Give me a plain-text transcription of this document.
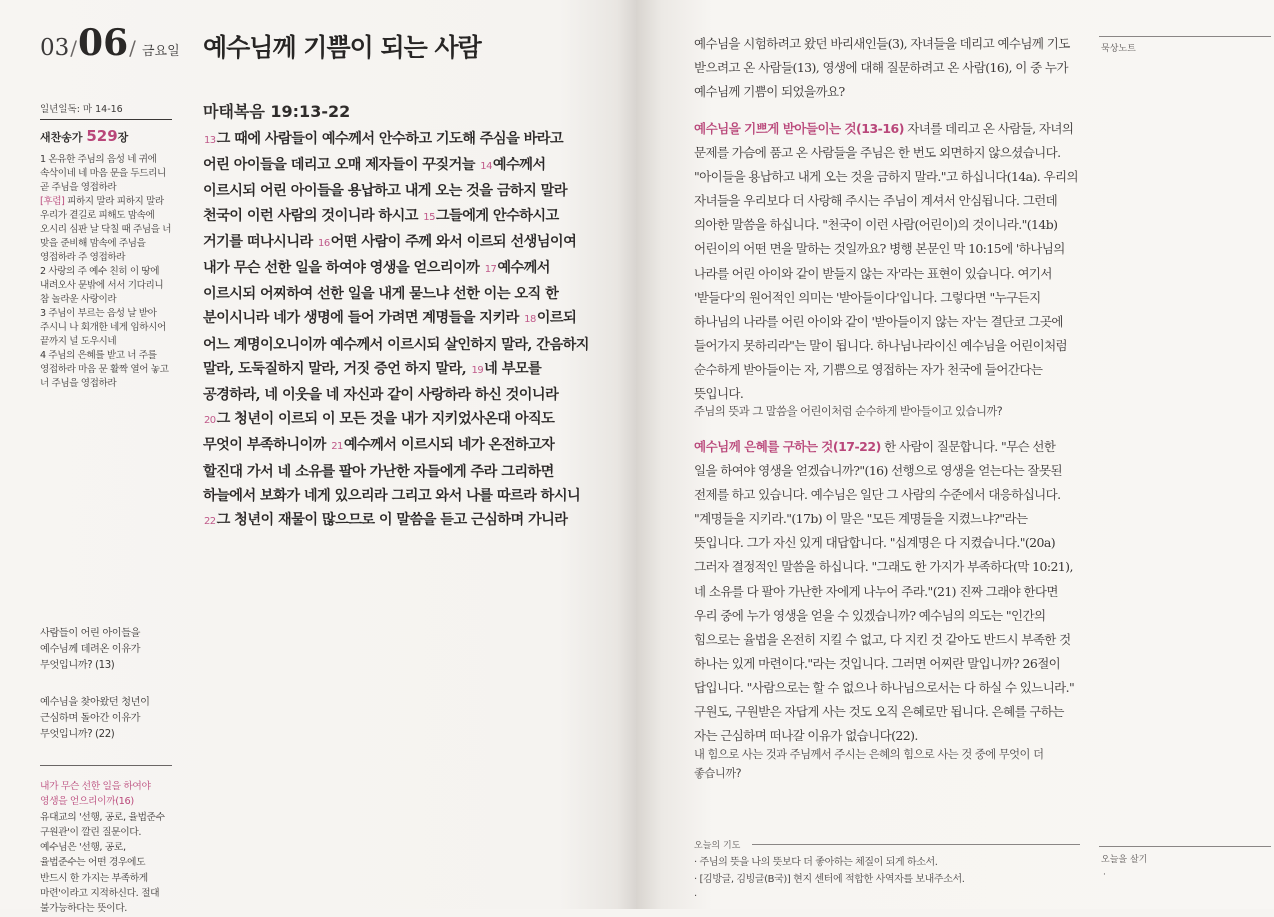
03/06/ 금요일 예수님께 기쁨이 되는 사람
마태복음 19:13-22
13그 때에 사람들이 예수께서 안수하고 기도해 주심을 바라고 어린 아이들을 데리고 오매 제자들이 꾸짖거늘 14예수께서 이르시되 어린 아이들을 용납하고 내게 오는 것을 금하지 말라 천국이 이런 사람의 것이니라 하시고 15그들에게 안수하시고 거기를 떠나시니라 16어떤 사람이 주께 와서 이르되 선생님이여 내가 무슨 선한 일을 하여야 영생을 얻으리이까 17예수께서 이르시되 어찌하여 선한 일을 내게 묻느냐 선한 이는 오직 한 분이시니라 네가 생명에 들어 가려면 계명들을 지키라 18이르되 어느 계명이오니이까 예수께서 이르시되 살인하지 말라, 간음하지 말라, 도둑질하지 말라, 거짓 증언 하지 말라, 19네 부모를 공경하라, 네 이웃을 네 자신과 같이 사랑하라 하신 것이니라 20그 청년이 이르되 이 모든 것을 내가 지키었사온대 아직도 무엇이 부족하니이까 21예수께서 이르시되 네가 온전하고자 할진대 가서 네 소유를 팔아 가난한 자들에게 주라 그리하면 하늘에서 보화가 네게 있으리라 그리고 와서 나를 따르라 하시니 22그 청년이 재물이 많으므로 이 말씀을 듣고 근심하며 가니라
일년일독: 마 14-16
새찬송가 529장
1 온유한 주님의 음성 네 귀에 속삭이네 네 마음 문을 두드리니 곧 주님을 영접하라
[후렴] 피하지 말라 피하지 말라 우리가 곁길로 피해도 맘속에 오시리 심판 날 닥칠 때 주님을 너 맞을 준비해 맘속에 주님을 영접하라 주 영접하라
2 사랑의 주 예수 친히 이 땅에 내려오사 문밖에 서서 기다리니 참 놀라운 사랑이라
3 주님이 부르는 음성 날 받아 주시니 나 회개한 네게 임하시어 끝까지 널 도우시네
4 주님의 은혜를 받고 너 주를 영접하라 마음 문 활짝 열어 놓고 너 주님을 영접하라
사람들이 어린 아이들을 예수님께 데려온 이유가 무엇입니까? (13)
예수님을 찾아왔던 청년이 근심하며 돌아간 이유가 무엇입니까? (22)
내가 무슨 선한 일을 하여야 영생을 얻으리이까(16) 유대교의 '선행, 공로, 율법준수 구원관'이 깔린 질문이다. 예수님은 '선행, 공로, 율법준수는 어떤 경우에도 반드시 한 가지는 부족하게 마련'이라고 지적하신다. 절대 불가능하다는 뜻이다.
예수님을 시험하려고 왔던 바리새인들(3), 자녀들을 데리고 예수님께 기도 받으려고 온 사람들(13), 영생에 대해 질문하려고 온 사람(16), 이 중 누가 예수님께 기쁨이 되었을까요?
예수님을 기쁘게 받아들이는 것(13-16) 자녀를 데리고 온 사람들, 자녀의 문제를 가슴에 품고 온 사람들을 주님은 한 번도 외면하지 않으셨습니다. "아이들을 용납하고 내게 오는 것을 금하지 말라."고 하십니다(14a). 우리의 자녀들을 우리보다 더 사랑해 주시는 주님이 계셔서 안심됩니다. 그런데 의아한 말씀을 하십니다. "천국이 이런 사람(어린이)의 것이니라."(14b) 어린이의 어떤 면을 말하는 것일까요? 병행 본문인 막 10:15에 '하나님의 나라를 어린 아이와 같이 받들지 않는 자'라는 표현이 있습니다. 여기서 '받들다'의 원어적인 의미는 '받아들이다'입니다. 그렇다면 "누구든지 하나님의 나라를 어린 아이와 같이 '받아들이지 않는 자'는 결단코 그곳에 들어가지 못하리라"는 말이 됩니다. 하나님나라이신 예수님을 어린이처럼 순수하게 받아들이는 자, 기쁨으로 영접하는 자가 천국에 들어간다는 뜻입니다.
주님의 뜻과 그 말씀을 어린이처럼 순수하게 받아들이고 있습니까?
예수님께 은혜를 구하는 것(17-22) 한 사람이 질문합니다. "무슨 선한 일을 하여야 영생을 얻겠습니까?"(16) 선행으로 영생을 얻는다는 잘못된 전제를 하고 있습니다. 예수님은 일단 그 사람의 수준에서 대응하십니다. "계명들을 지키라."(17b) 이 말은 "모든 계명들을 지켰느냐?"라는 뜻입니다. 그가 자신 있게 대답합니다. "십계명은 다 지켰습니다."(20a) 그러자 결정적인 말씀을 하십니다. "그래도 한 가지가 부족하다(막 10:21), 네 소유를 다 팔아 가난한 자에게 나누어 주라."(21) 진짜 그래야 한다면 우리 중에 누가 영생을 얻을 수 있겠습니까? 예수님의 의도는 "인간의 힘으로는 율법을 온전히 지킬 수 없고, 다 지킨 것 같아도 반드시 부족한 것 하나는 있게 마련이다."라는 것입니다. 그러면 어찌란 말입니까? 26절이 답입니다. "사람으로는 할 수 없으나 하나님으로서는 다 하실 수 있느니라." 구원도, 구원받은 자답게 사는 것도 오직 은혜로만 됩니다. 은혜를 구하는 자는 근심하며 떠나갈 이유가 없습니다(22).
내 힘으로 사는 것과 주님께서 주시는 은혜의 힘으로 사는 것 중에 무엇이 더 좋습니까?
묵상노트
오늘의 기도
· 주님의 뜻을 나의 뜻보다 더 좋아하는 체질이 되게 하소서.
· [김방글, 김빙글(B국)] 현지 센터에 적합한 사역자를 보내주소서.
·
오늘을 살기
·
